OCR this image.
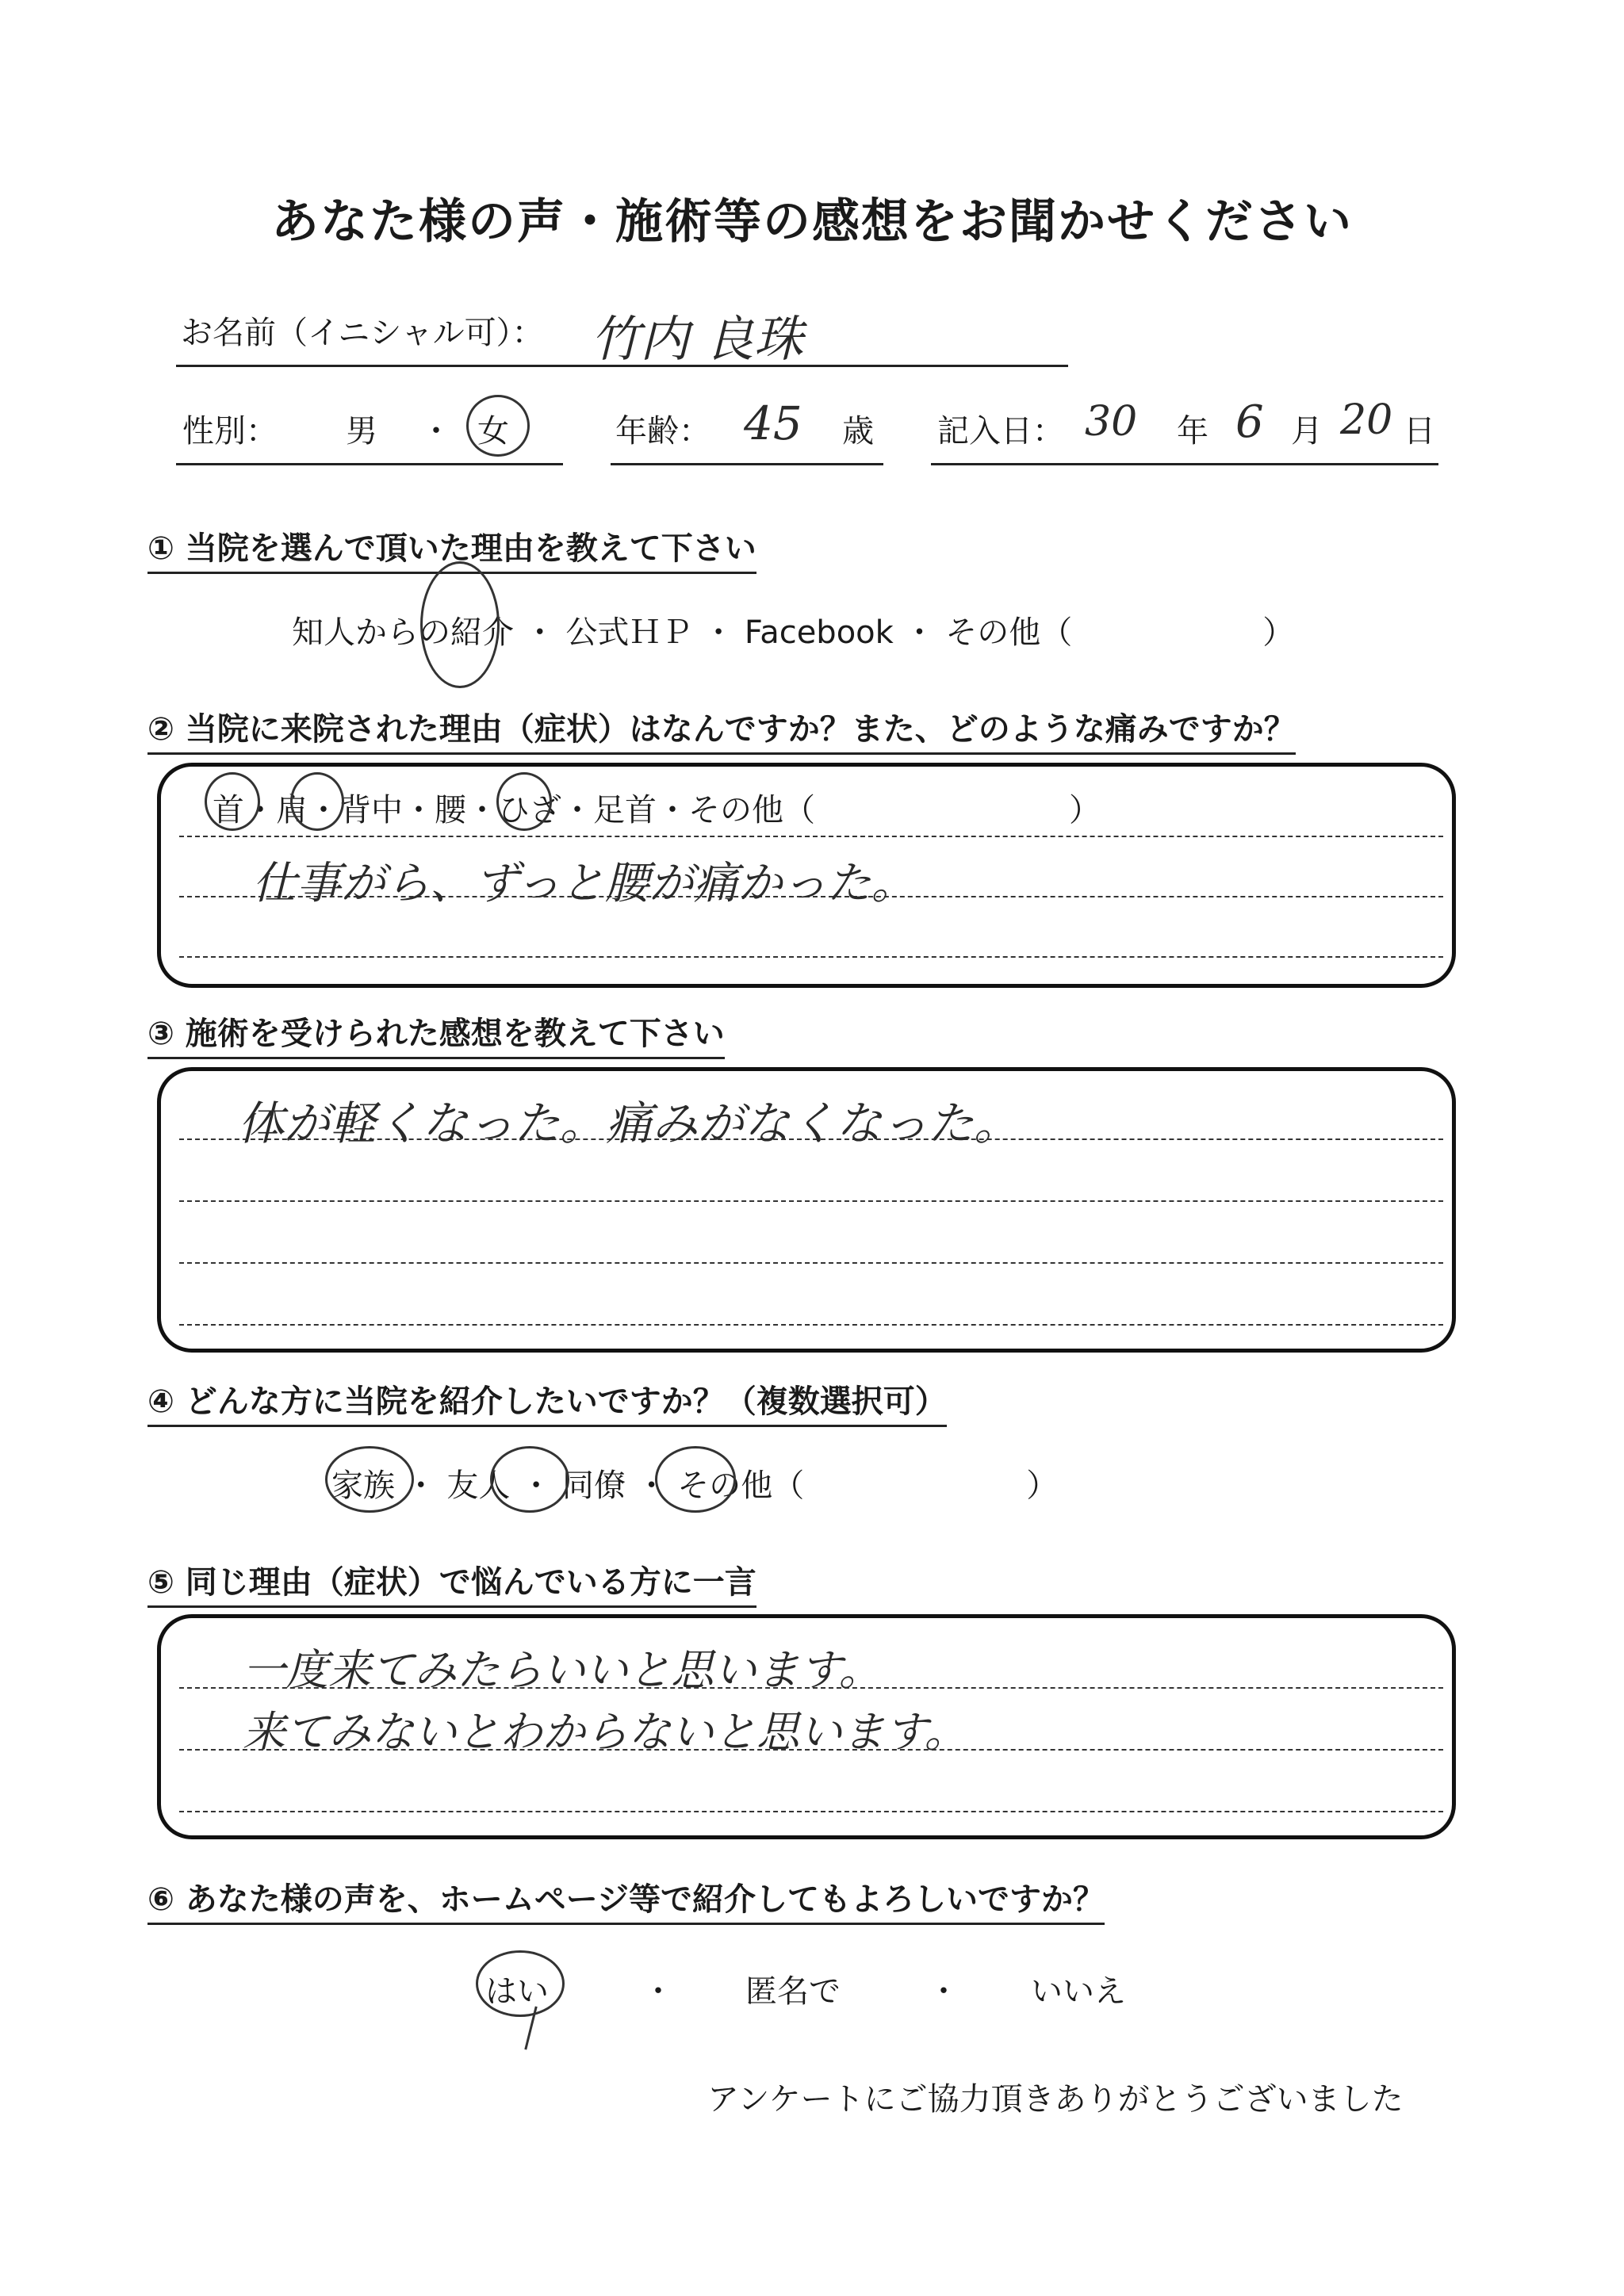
あなた様の声・施術等の感想をお聞かせください
お名前（イニシャル可）： 竹内 良珠
性別： 男 ・ 女	年齢： 45 歳 記入日： 30 年 6 月 20 日
① 当院を選んで頂いた理由を教えて下さい
知人からの紹介 ・ 公式ＨＰ ・ Facebook ・ その他（　　　　　　）
② 当院に来院された理由（症状）はなんですか？また、どのような痛みですか？
首・肩・背中・腰・ひざ・足首・その他（　　　　　　　　）
仕事がら、ずっと腰が痛かった。
③ 施術を受けられた感想を教えて下さい
体が軽くなった。痛みがなくなった。
④ どんな方に当院を紹介したいですか？（複数選択可）
家族 ・ 友人 ・ 同僚 ・ その他（　　　　　　　）
⑤ 同じ理由（症状）で悩んでいる方に一言
一度来てみたらいいと思います。
来てみないとわからないと思います。
⑥ あなた様の声を、ホームページ等で紹介してもよろしいですか？
はい	・ 匿名で	・ いいえ
アンケートにご協力頂きありがとうございました
